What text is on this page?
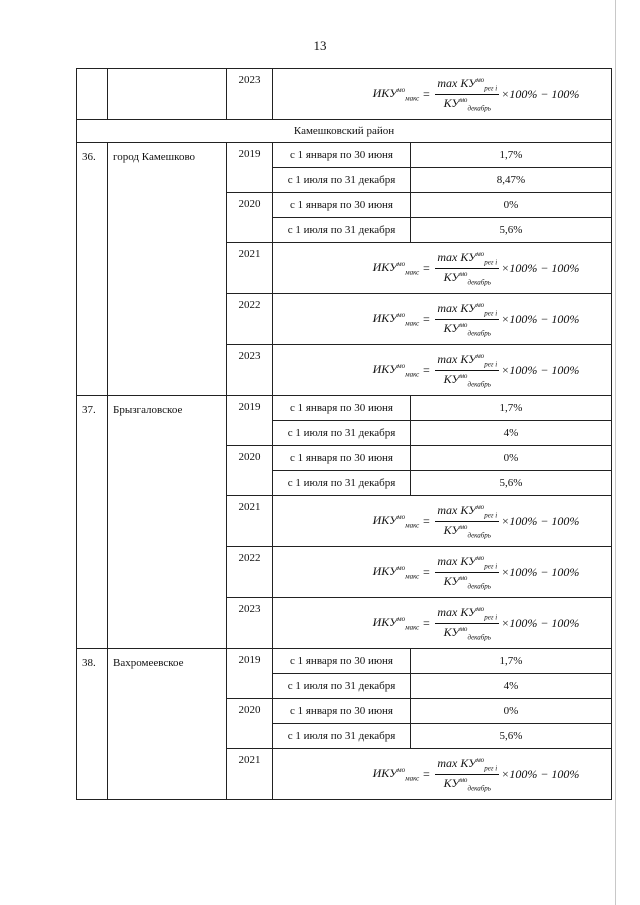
13
		2023	$ИКУ^{мо}_{макс} = \frac{\max КУ^{мо}_{рег i}}{КУ^{мо}_{декабрь}} \times 100\% - 100\%$	

Камешковский район				
36.	город Камешково	2019	с 1 января по 30 июня	1,7%
			с 1 июля по 31 декабря	8,47%
		2020	с 1 января по 30 июня	0%
			с 1 июля по 31 декабря	5,6%
		2021	$ИКУ^{мо}_{макс} = \frac{\max КУ^{мо}_{рег i}}{КУ^{мо}_{декабрь}} \times 100\% - 100\%$	

		2022	$ИКУ^{мо}_{макс} = \frac{\max КУ^{мо}_{рег i}}{КУ^{мо}_{декабрь}} \times 100\% - 100\%$	

		2023	$ИКУ^{мо}_{макс} = \frac{\max КУ^{мо}_{рег i}}{КУ^{мо}_{декабрь}} \times 100\% - 100\%$	

37.	Брызгаловское	2019	с 1 января по 30 июня	1,7%
			с 1 июля по 31 декабря	4%
		2020	с 1 января по 30 июня	0%
			с 1 июля по 31 декабря	5,6%
		2021	$ИКУ^{мо}_{макс} = \frac{\max КУ^{мо}_{рег i}}{КУ^{мо}_{декабрь}} \times 100\% - 100\%$	

		2022	$ИКУ^{мо}_{макс} = \frac{\max КУ^{мо}_{рег i}}{КУ^{мо}_{декабрь}} \times 100\% - 100\%$	

		2023	$ИКУ^{мо}_{макс} = \frac{\max КУ^{мо}_{рег i}}{КУ^{мо}_{декабрь}} \times 100\% - 100\%$	

38.	Вахромеевское	2019	с 1 января по 30 июня	1,7%
			с 1 июля по 31 декабря	4%
		2020	с 1 января по 30 июня	0%
			с 1 июля по 31 декабря	5,6%
		2021	$ИКУ^{мо}_{макс} = \frac{\max КУ^{мо}_{рег i}}{КУ^{мо}_{декабрь}} \times 100\% - 100\%$	
